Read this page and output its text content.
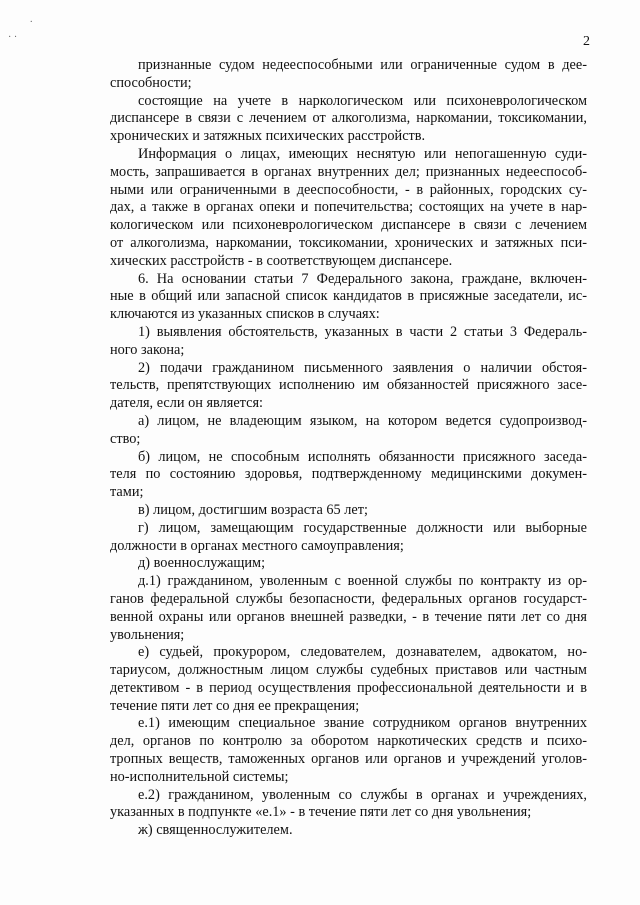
2
.
· ·
признанные судом недееспособными или ограниченные судом в дее-
способности;
состоящие на учете в наркологическом или психоневрологическом
диспансере в связи с лечением от алкоголизма, наркомании, токсикомании,
хронических и затяжных психических расстройств.
Информация о лицах, имеющих неснятую или непогашенную суди-
мость, запрашивается в органах внутренних дел; признанных недееспособ-
ными или ограниченными в дееспособности, - в районных, городских су-
дах, а также в органах опеки и попечительства; состоящих на учете в нар-
кологическом или психоневрологическом диспансере в связи с лечением
от алкоголизма, наркомании, токсикомании, хронических и затяжных пси-
хических расстройств - в соответствующем диспансере.
6. На основании статьи 7 Федерального закона, граждане, включен-
ные в общий или запасной список кандидатов в присяжные заседатели, ис-
ключаются из указанных списков в случаях:
1) выявления обстоятельств, указанных в части 2 статьи 3 Федераль-
ного закона;
2) подачи гражданином письменного заявления о наличии обстоя-
тельств, препятствующих исполнению им обязанностей присяжного засе-
дателя, если он является:
а) лицом, не владеющим языком, на котором ведется судопроизвод-
ство;
б) лицом, не способным исполнять обязанности присяжного заседа-
теля по состоянию здоровья, подтвержденному медицинскими докумен-
тами;
в) лицом, достигшим возраста 65 лет;
г) лицом, замещающим государственные должности или выборные
должности в органах местного самоуправления;
д) военнослужащим;
д.1) гражданином, уволенным с военной службы по контракту из ор-
ганов федеральной службы безопасности, федеральных органов государст-
венной охраны или органов внешней разведки, - в течение пяти лет со дня
увольнения;
е) судьей, прокурором, следователем, дознавателем, адвокатом, но-
тариусом, должностным лицом службы судебных приставов или частным
детективом - в период осуществления профессиональной деятельности и в
течение пяти лет со дня ее прекращения;
е.1) имеющим специальное звание сотрудником органов внутренних
дел, органов по контролю за оборотом наркотических средств и психо-
тропных веществ, таможенных органов или органов и учреждений уголов-
но-исполнительной системы;
е.2) гражданином, уволенным со службы в органах и учреждениях,
указанных в подпункте «е.1» - в течение пяти лет со дня увольнения;
ж) священнослужителем.
